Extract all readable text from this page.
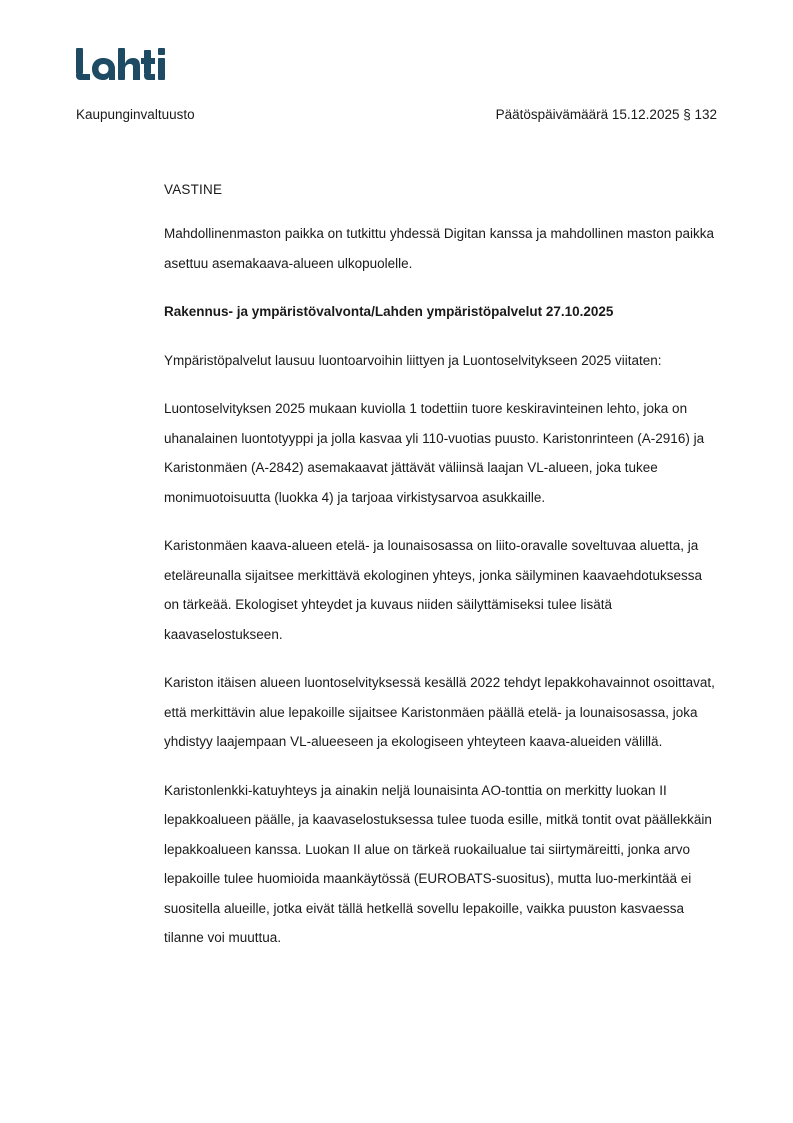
Kaupunginvaltuusto	Päätöspäivämäärä 15.12.2025 § 132

VASTINE

Mahdollinenmaston paikka on tutkittu yhdessä Digitan kanssa ja mahdollinen maston paikka asettuu asemakaava-alueen ulkopuolelle.

Rakennus- ja ympäristövalvonta/Lahden ympäristöpalvelut 27.10.2025

Ympäristöpalvelut lausuu luontoarvoihin liittyen ja Luontoselvitykseen 2025 viitaten:

Luontoselvityksen 2025 mukaan kuviolla 1 todettiin tuore keskiravinteinen lehto, joka on uhanalainen luontotyyppi ja jolla kasvaa yli 110-vuotias puusto. Karistonrinteen (A-2916) ja Karistonmäen (A-2842) asemakaavat jättävät väliinsä laajan VL-alueen, joka tukee monimuotoisuutta (luokka 4) ja tarjoaa virkistysarvoa asukkaille.

Karistonmäen kaava-alueen etelä- ja lounaisosassa on liito-oravalle soveltuvaa aluetta, ja eteläreunalla sijaitsee merkittävä ekologinen yhteys, jonka säilyminen kaavaehdotuksessa on tärkeää. Ekologiset yhteydet ja kuvaus niiden säilyttämiseksi tulee lisätä kaavaselostukseen.

Kariston itäisen alueen luontoselvityksessä kesällä 2022 tehdyt lepakkohavainnot osoittavat, että merkittävin alue lepakoille sijaitsee Karistonmäen päällä etelä- ja lounaisosassa, joka yhdistyy laajempaan VL-alueeseen ja ekologiseen yhteyteen kaava-alueiden välillä.

Karistonlenkki-katuyhteys ja ainakin neljä lounaisinta AO-tonttia on merkitty luokan II lepakkoalueen päälle, ja kaavaselostuksessa tulee tuoda esille, mitkä tontit ovat päällekkäin lepakkoalueen kanssa. Luokan II alue on tärkeä ruokailualue tai siirtymäreitti, jonka arvo lepakoille tulee huomioida maankäytössä (EUROBATS-suositus), mutta luo-merkintää ei suositella alueille, jotka eivät tällä hetkellä sovellu lepakoille, vaikka puuston kasvaessa tilanne voi muuttua.
